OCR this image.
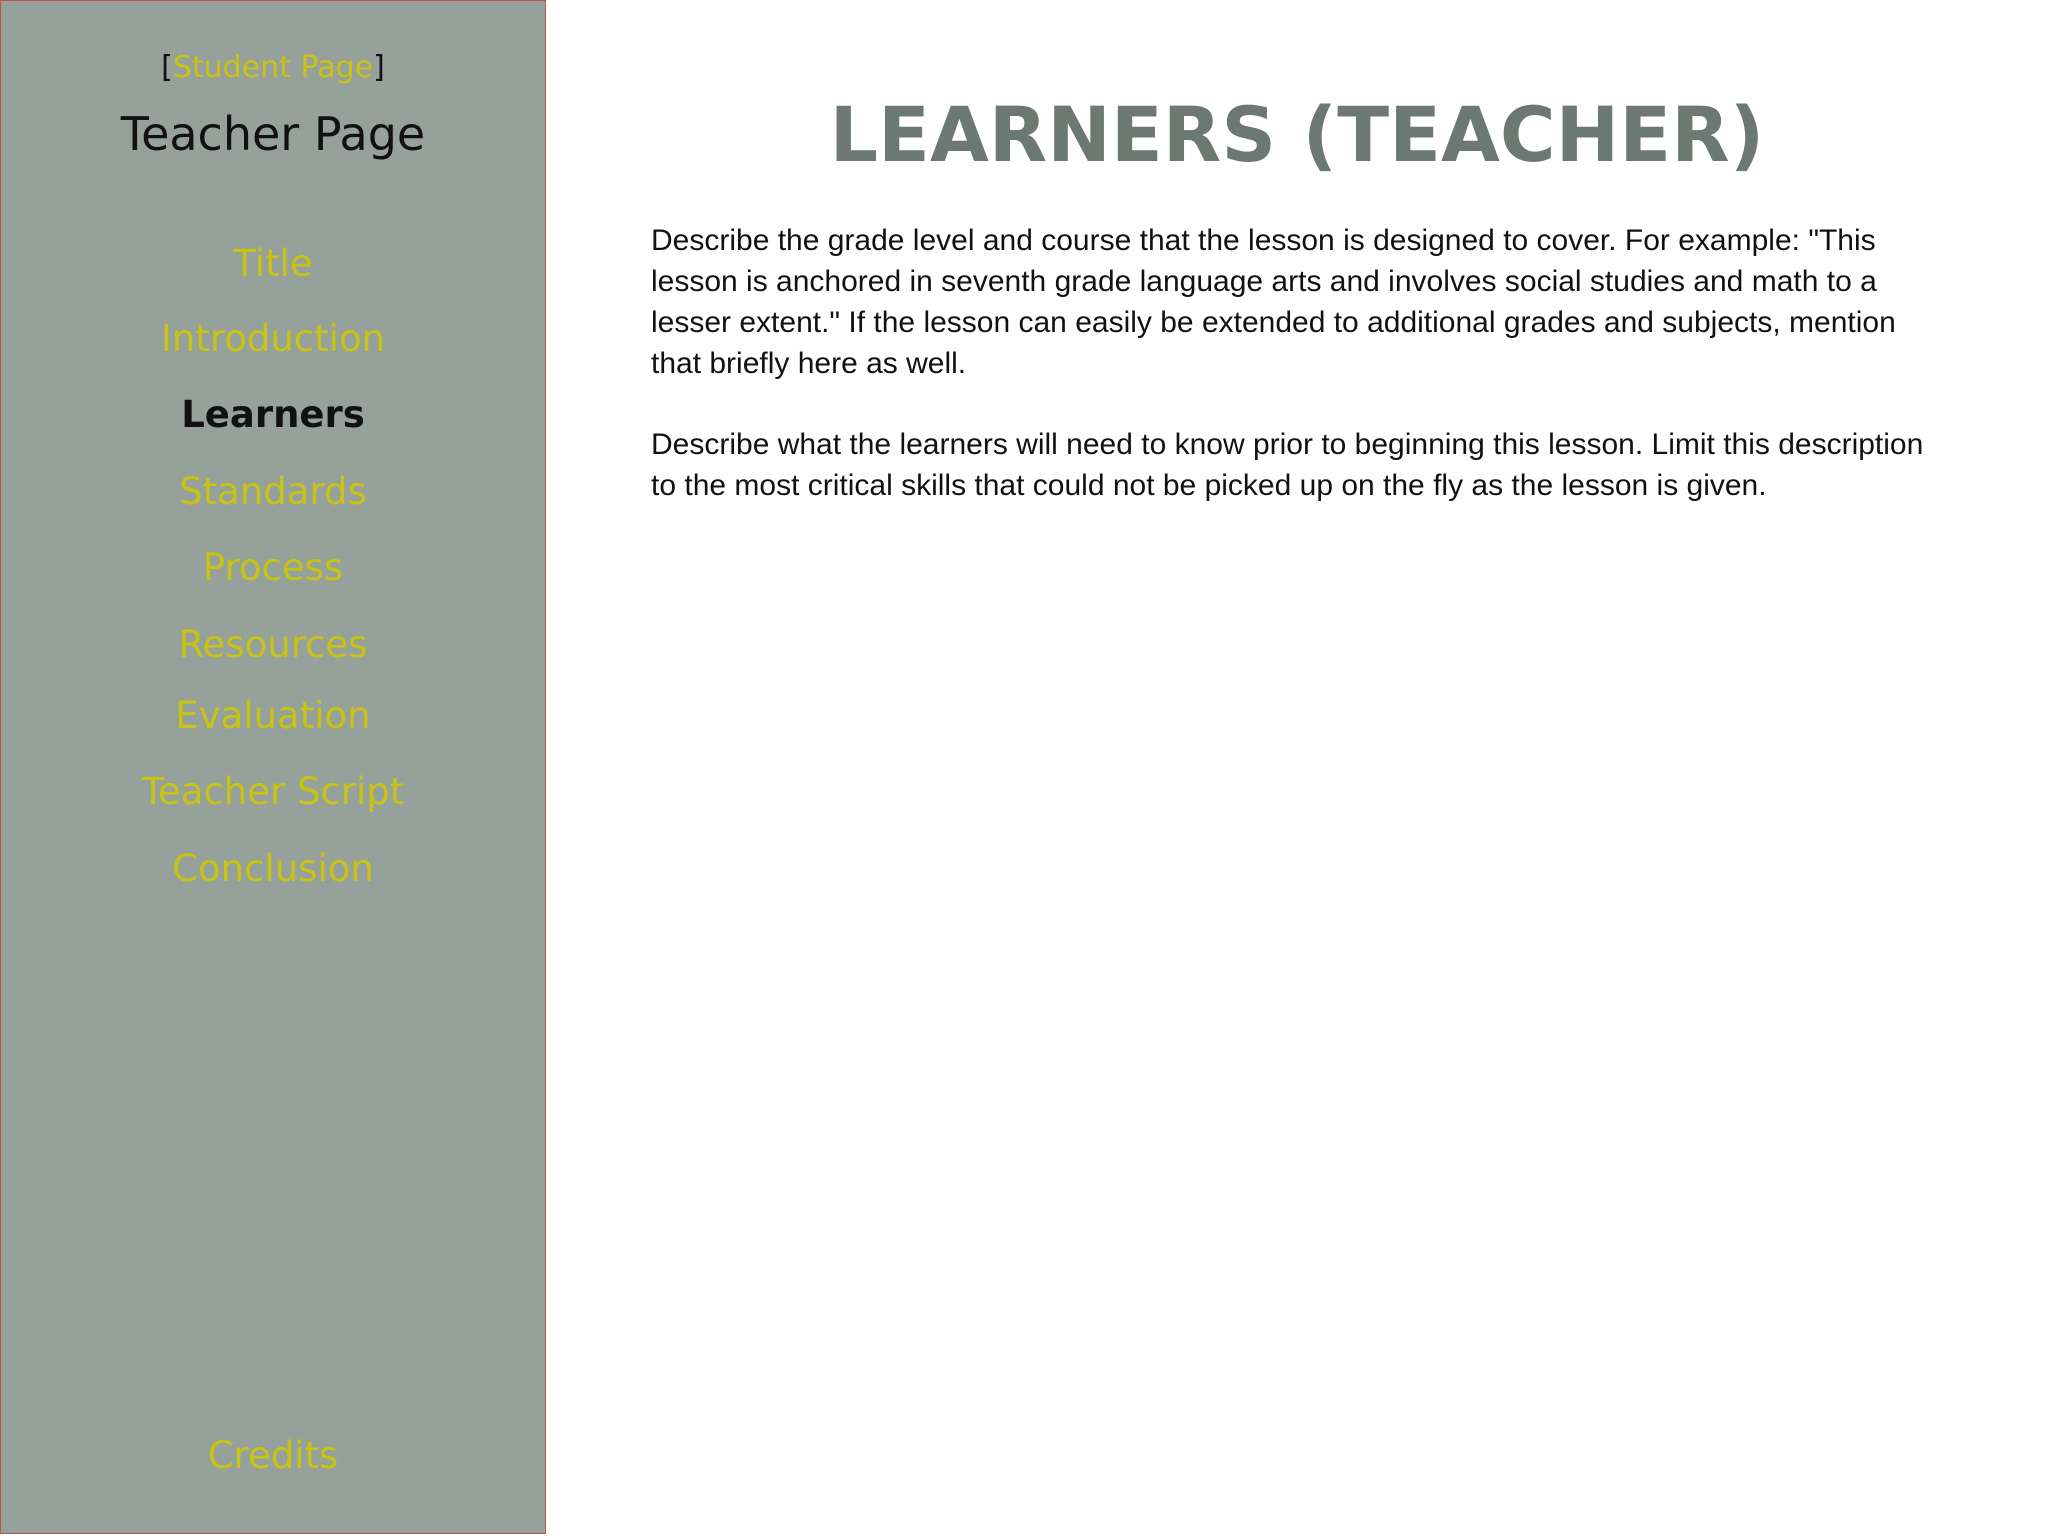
[Student Page]
Teacher Page
Title
Introduction
Learners
Standards
Process
Resources
Evaluation
Teacher Script
Conclusion
Credits
LEARNERS (TEACHER)

Describe the grade level and course that the lesson is designed to cover. For example: "This lesson is anchored in seventh grade language arts and involves social studies and math to a lesser extent." If the lesson can easily be extended to additional grades and subjects, mention that briefly here as well.

Describe what the learners will need to know prior to beginning this lesson. Limit this description to the most critical skills that could not be picked up on the fly as the lesson is given.
